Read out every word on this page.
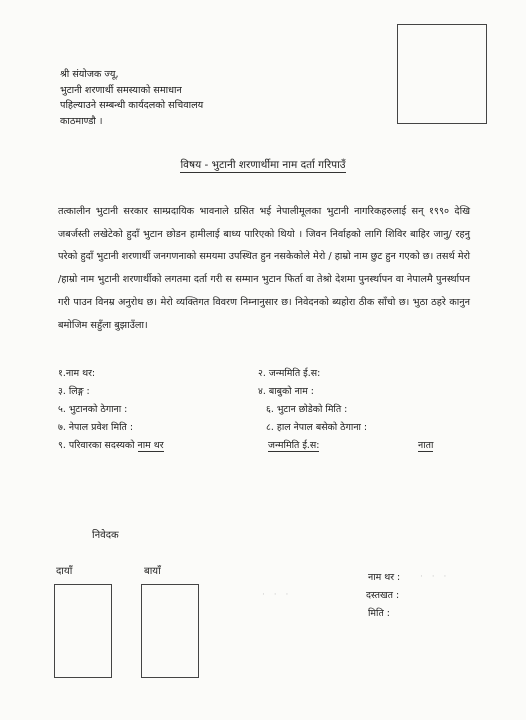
श्री संयोजक ज्यू,
भुटानी शरणार्थी समस्याको समाधान
पहिल्याउने सम्बन्धी कार्यदलको सचिवालय
काठमाण्डौ ।
विषय - भुटानी शरणार्थीमा नाम दर्ता गरिपाउँ
तत्कालीन भुटानी सरकार साम्प्रदायिक भावनाले ग्रसित भई नेपालीमूलका भुटानी नागरिकहरुलाई सन् १९९० देखि जबर्जस्ती लखेटेको हुदाँ भुटान छोडन हामीलाई बाध्य पारिएको थियो । जिवन निर्वाहको लागि शिविर बाहिर जानु/ रहनु परेको हुदाँ भुटानी शरणार्थी जनगणनाको समयमा उपस्थित हुन नसकेकोले मेरो / हाम्रो नाम छुट हुन गएको छ। तसर्थ मेरो /हाम्रो नाम भुटानी शरणार्थीको लगतमा दर्ता गरी स सम्मान भुटान फिर्ता वा तेश्रो देशमा पुनर्स्थापन वा नेपालमै पुनर्स्थापन गरी पाउन विनम्र अनुरोध छ। मेरो व्यक्तिगत विवरण निम्नानुसार छ। निवेदनको ब्यहोरा ठीक साँचो छ। भुठा ठहरे कानुन बमोजिम सहुँला बुझाउँला।
१.नाम थर:	२. जन्ममिति ई.स:
३. लिङ्ग :	४. बाबुको नाम :
५. भुटानको ठेगाना :	६. भुटान छोडेको मिति :
७. नेपाल प्रवेश मिति :	८. हाल नेपाल बसेको ठेगाना :
९. परिवारका सदस्यको नाम थर	जन्ममिति ई.स:	नाता
निवेदक
दायाँ	बायाँ
· · ·
· · ·
नाम थर :
दस्तखत :
मिति :
